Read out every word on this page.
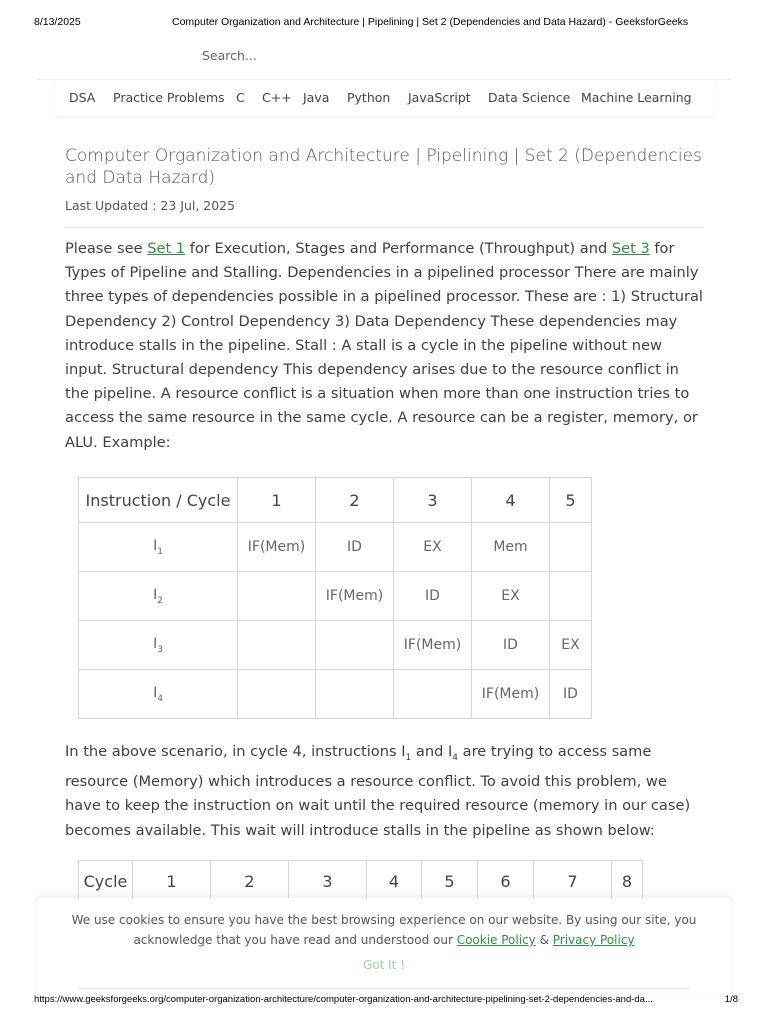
8/13/2025	Computer Organization and Architecture | Pipelining | Set 2 (Dependencies and Data Hazard) - GeeksforGeeks
Search...
DSA Practice Problems C C++ Java Python JavaScript Data Science Machine Learning
Computer Organization and Architecture | Pipelining | Set 2 (Dependencies and Data Hazard)
Last Updated : 23 Jul, 2025
Please see Set 1 for Execution, Stages and Performance (Throughput) and Set 3 for Types of Pipeline and Stalling. Dependencies in a pipelined processor There are mainly three types of dependencies possible in a pipelined processor. These are : 1) Structural Dependency 2) Control Dependency 3) Data Dependency These dependencies may introduce stalls in the pipeline. Stall : A stall is a cycle in the pipeline without new input. Structural dependency This dependency arises due to the resource conflict in the pipeline. A resource conflict is a situation when more than one instruction tries to access the same resource in the same cycle. A resource can be a register, memory, or ALU. Example:
Instruction / Cycle	1	2	3	4	5
$I_1$	IF(Mem)	ID	EX	Mem	
$I_2$		IF(Mem)	ID	EX	
$I_3$			IF(Mem)	ID	EX
$I_4$				IF(Mem)	ID
In the above scenario, in cycle 4, instructions $I_1$ and $I_4$ are trying to access same resource (Memory) which introduces a resource conflict. To avoid this problem, we have to keep the instruction on wait until the required resource (memory in our case) becomes available. This wait will introduce stalls in the pipeline as shown below:
Cycle	1	2	3	4	5	6	7	8
We use cookies to ensure you have the best browsing experience on our website. By using our site, you acknowledge that you have read and understood our Cookie Policy & Privacy Policy
Got It !
https://www.geeksforgeeks.org/computer-organization-architecture/computer-organization-and-architecture-pipelining-set-2-dependencies-and-da...	1/8
